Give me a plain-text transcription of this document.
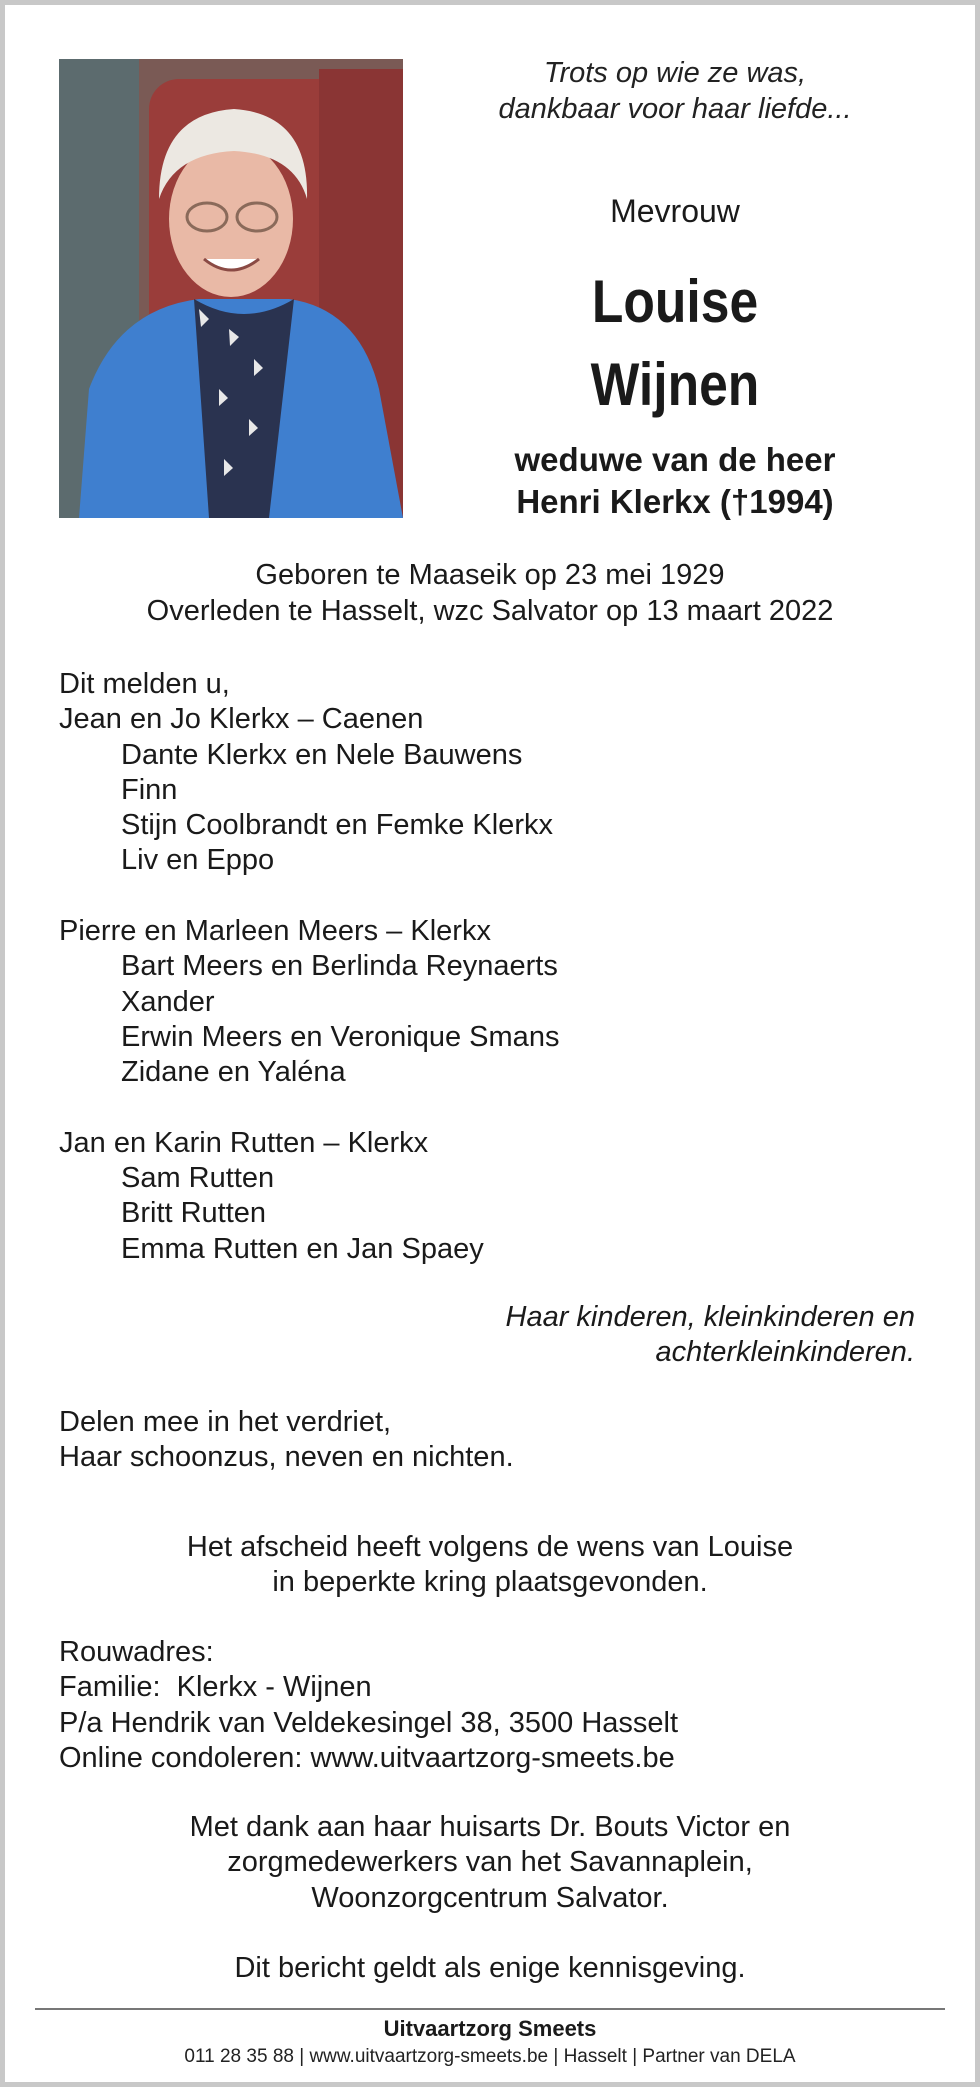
Trots op wie ze was,
dankbaar voor haar liefde...
Mevrouw
Louise
Wijnen
weduwe van de heer
Henri Klerkx (†1994)
Geboren te Maaseik op 23 mei 1929
Overleden te Hasselt, wzc Salvator op 13 maart 2022
Dit melden u,
Jean en Jo Klerkx – Caenen
Dante Klerkx en Nele Bauwens
Finn
Stijn Coolbrandt en Femke Klerkx
Liv en Eppo
Pierre en Marleen Meers – Klerkx
Bart Meers en Berlinda Reynaerts
Xander
Erwin Meers en Veronique Smans
Zidane en Yaléna
Jan en Karin Rutten – Klerkx
Sam Rutten
Britt Rutten
Emma Rutten en Jan Spaey
Haar kinderen, kleinkinderen en
achterkleinkinderen.
Delen mee in het verdriet,
Haar schoonzus, neven en nichten.
Het afscheid heeft volgens de wens van Louise
in beperkte kring plaatsgevonden.
Rouwadres:
Familie:  Klerkx - Wijnen
P/a Hendrik van Veldekesingel 38, 3500 Hasselt
Online condoleren: www.uitvaartzorg-smeets.be
Met dank aan haar huisarts Dr. Bouts Victor en
zorgmedewerkers van het Savannaplein,
Woonzorgcentrum Salvator.
Dit bericht geldt als enige kennisgeving.
Uitvaartzorg Smeets
011 28 35 88 | www.uitvaartzorg-smeets.be | Hasselt | Partner van DELA
